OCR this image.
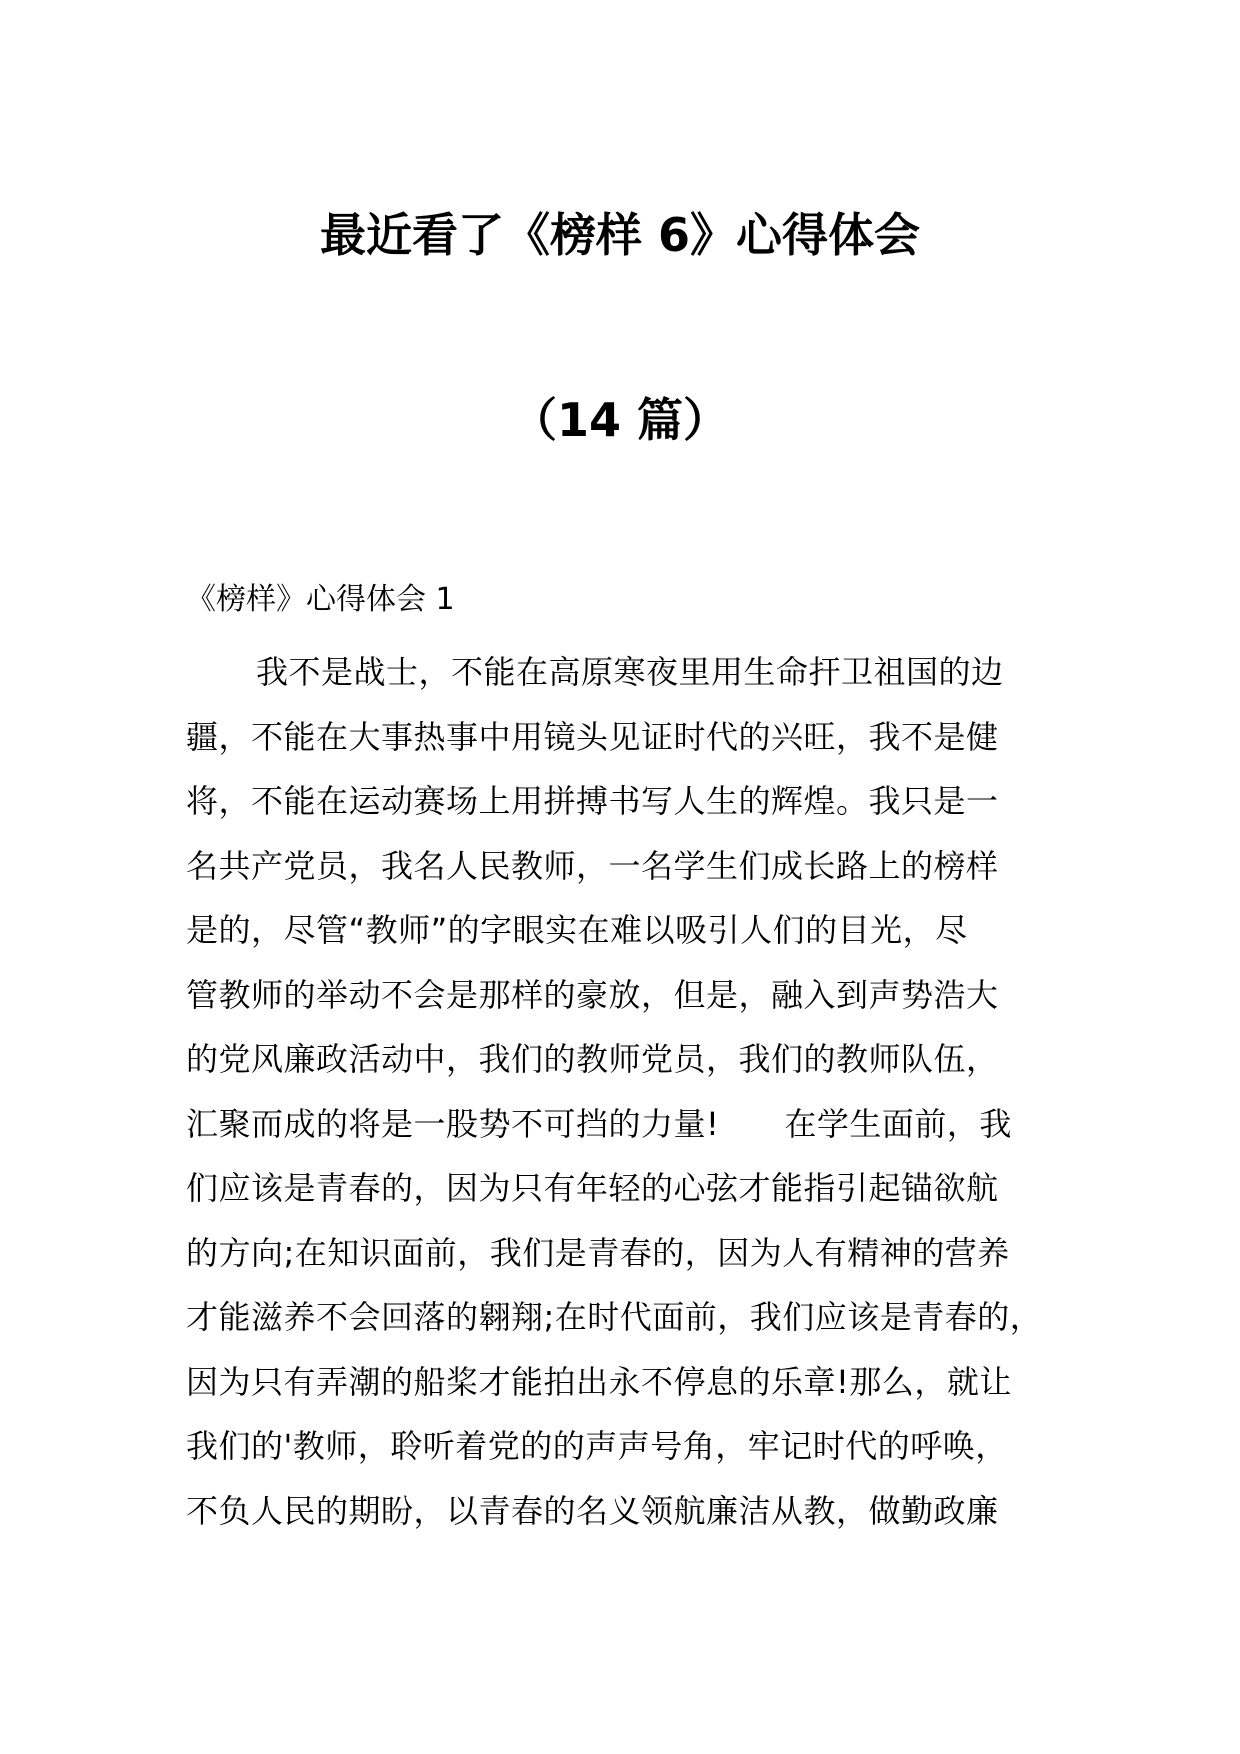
最近看了《榜样 6》心得体会
（14 篇）
《榜样》心得体会 1
我不是战士，不能在高原寒夜里用生命扞卫祖国的边
疆，不能在大事热事中用镜头见证时代的兴旺，我不是健
将，不能在运动赛场上用拼搏书写人生的辉煌。我只是一
名共产党员，我名人民教师，一名学生们成长路上的榜样
是的，尽管“教师”的字眼实在难以吸引人们的目光，尽
管教师的举动不会是那样的豪放，但是，融入到声势浩大
的党风廉政活动中，我们的教师党员，我们的教师队伍，
汇聚而成的将是一股势不可挡的力量!　　在学生面前，我
们应该是青春的，因为只有年轻的心弦才能指引起锚欲航
的方向;在知识面前，我们是青春的，因为人有精神的营养
才能滋养不会回落的翱翔;在时代面前，我们应该是青春的，
因为只有弄潮的船桨才能拍出永不停息的乐章!那么，就让
我们的'教师，聆听着党的的声声号角，牢记时代的呼唤，
不负人民的期盼，以青春的名义领航廉洁从教，做勤政廉
